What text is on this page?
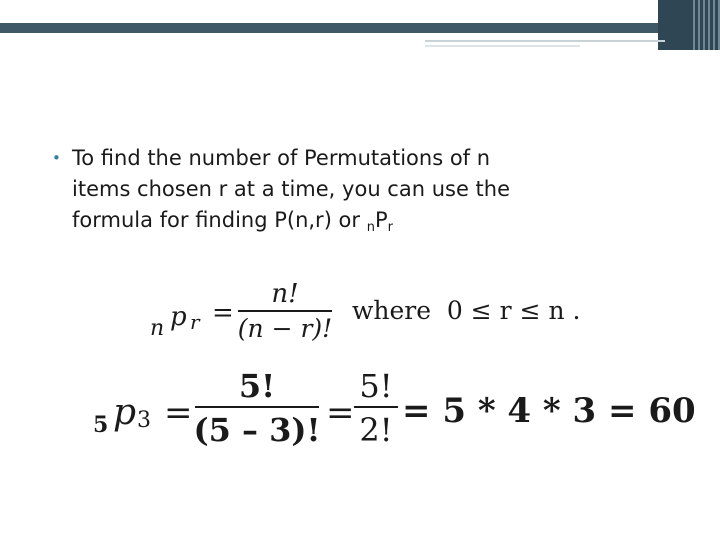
• To find the number of Permutations of n
items chosen r at a time, you can use the
formula for finding P(n,r) or $_nP_r$
n p r =
n!
(n − r)!
where  0 ≤ r ≤ n .
5 p 3 =
5!
(5 – 3)! =
5!
2! = 5 * 4 * 3 = 60
